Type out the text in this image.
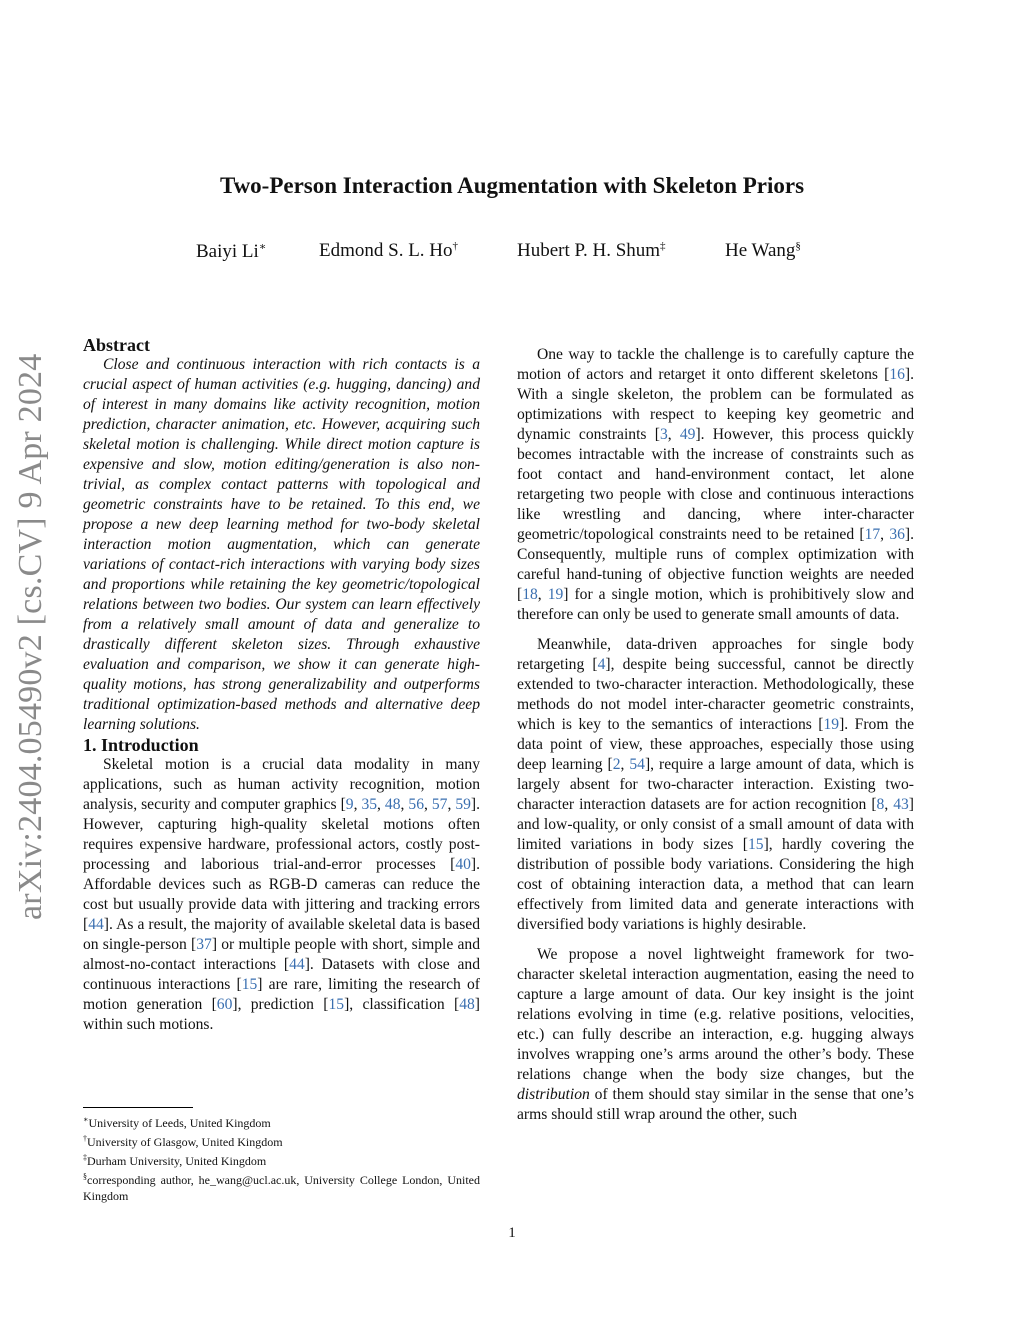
arXiv:2404.05490v2 [cs.CV] 9 Apr 2024
Two-Person Interaction Augmentation with Skeleton Priors
Baiyi Li∗	Edmond S. L. Ho†	Hubert P. H. Shum‡	He Wang§

Abstract

Close and continuous interaction with rich contacts is a crucial aspect of human activities (e.g. hugging, dancing) and of interest in many domains like activity recognition, motion prediction, character animation, etc. However, acquiring such skeletal motion is challenging. While direct motion capture is expensive and slow, motion editing/generation is also non-trivial, as complex contact patterns with topological and geometric constraints have to be retained. To this end, we propose a new deep learning method for two-body skeletal interaction motion augmentation, which can generate variations of contact-rich interactions with varying body sizes and proportions while retaining the key geometric/topological relations between two bodies. Our system can learn effectively from a relatively small amount of data and generalize to drastically different skeleton sizes. Through exhaustive evaluation and comparison, we show it can generate high-quality motions, has strong generalizability and outperforms traditional optimization-based methods and alternative deep learning solutions.

1. Introduction

Skeletal motion is a crucial data modality in many applications, such as human activity recognition, motion analysis, security and computer graphics [9, 35, 48, 56, 57, 59]. However, capturing high-quality skeletal motions often requires expensive hardware, professional actors, costly post-processing and laborious trial-and-error processes [40]. Affordable devices such as RGB-D cameras can reduce the cost but usually provide data with jittering and tracking errors [44]. As a result, the majority of available skeletal data is based on single-person [37] or multiple people with short, simple and almost-no-contact interactions [44]. Datasets with close and continuous interactions [15] are rare, limiting the research of motion generation [60], prediction [15], classification [48] within such motions.

One way to tackle the challenge is to carefully capture the motion of actors and retarget it onto different skeletons [16]. With a single skeleton, the problem can be formulated as optimizations with respect to keeping key geometric and dynamic constraints [3, 49]. However, this process quickly becomes intractable with the increase of constraints such as foot contact and hand-environment contact, let alone retargeting two people with close and continuous interactions like wrestling and dancing, where inter-character geometric/topological constraints need to be retained [17, 36]. Consequently, multiple runs of complex optimization with careful hand-tuning of objective function weights are needed [18, 19] for a single motion, which is prohibitively slow and therefore can only be used to generate small amounts of data.

Meanwhile, data-driven approaches for single body retargeting [4], despite being successful, cannot be directly extended to two-character interaction. Methodologically, these methods do not model inter-character geometric constraints, which is key to the semantics of interactions [19]. From the data point of view, these approaches, especially those using deep learning [2, 54], require a large amount of data, which is largely absent for two-character interaction. Existing two-character interaction datasets are for action recognition [8, 43] and low-quality, or only consist of a small amount of data with limited variations in body sizes [15], hardly covering the distribution of possible body variations. Considering the high cost of obtaining interaction data, a method that can learn effectively from limited data and generate interactions with diversified body variations is highly desirable.

We propose a novel lightweight framework for two-character skeletal interaction augmentation, easing the need to capture a large amount of data. Our key insight is the joint relations evolving in time (e.g. relative positions, velocities, etc.) can fully describe an interaction, e.g. hugging always involves wrapping one’s arms around the other’s body. These relations change when the body size changes, but the distribution of them should stay similar in the sense that one’s arms should still wrap around the other, such

∗University of Leeds, United Kingdom

†University of Glasgow, United Kingdom

‡Durham University, United Kingdom

§corresponding author, he_wang@ucl.ac.uk, University College London, United Kingdom

1
